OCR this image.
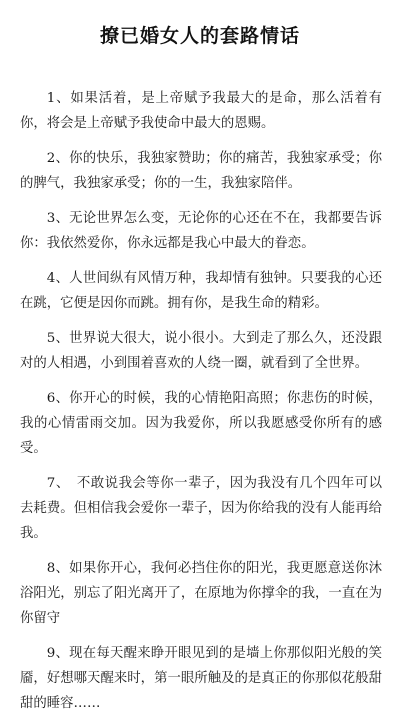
撩已婚女人的套路情话

1、如果活着，是上帝赋予我最大的是命，那么活着有你，将会是上帝赋予我使命中最大的恩赐。

2、你的快乐，我独家赞助；你的痛苦，我独家承受；你的脾气，我独家承受；你的一生，我独家陪伴。

3、无论世界怎么变，无论你的心还在不在，我都要告诉你：我依然爱你，你永远都是我心中最大的眷恋。

4、人世间纵有风情万种，我却情有独钟。只要我的心还在跳，它便是因你而跳。拥有你，是我生命的精彩。

5、世界说大很大，说小很小。大到走了那么久，还没跟对的人相遇，小到围着喜欢的人绕一圈，就看到了全世界。

6、你开心的时候，我的心情艳阳高照；你悲伤的时候，我的心情雷雨交加。因为我爱你，所以我愿感受你所有的感受。

7、　不敢说我会等你一辈子，因为我没有几个四年可以去耗费。但相信我会爱你一辈子，因为你给我的没有人能再给我。

8、如果你开心，我何必挡住你的阳光，我更愿意送你沐浴阳光，别忘了阳光离开了，在原地为你撑伞的我，一直在为你留守

9、现在每天醒来睁开眼见到的是墙上你那似阳光般的笑靥，好想哪天醒来时，第一眼所触及的是真正的你那似花般甜甜的睡容……
